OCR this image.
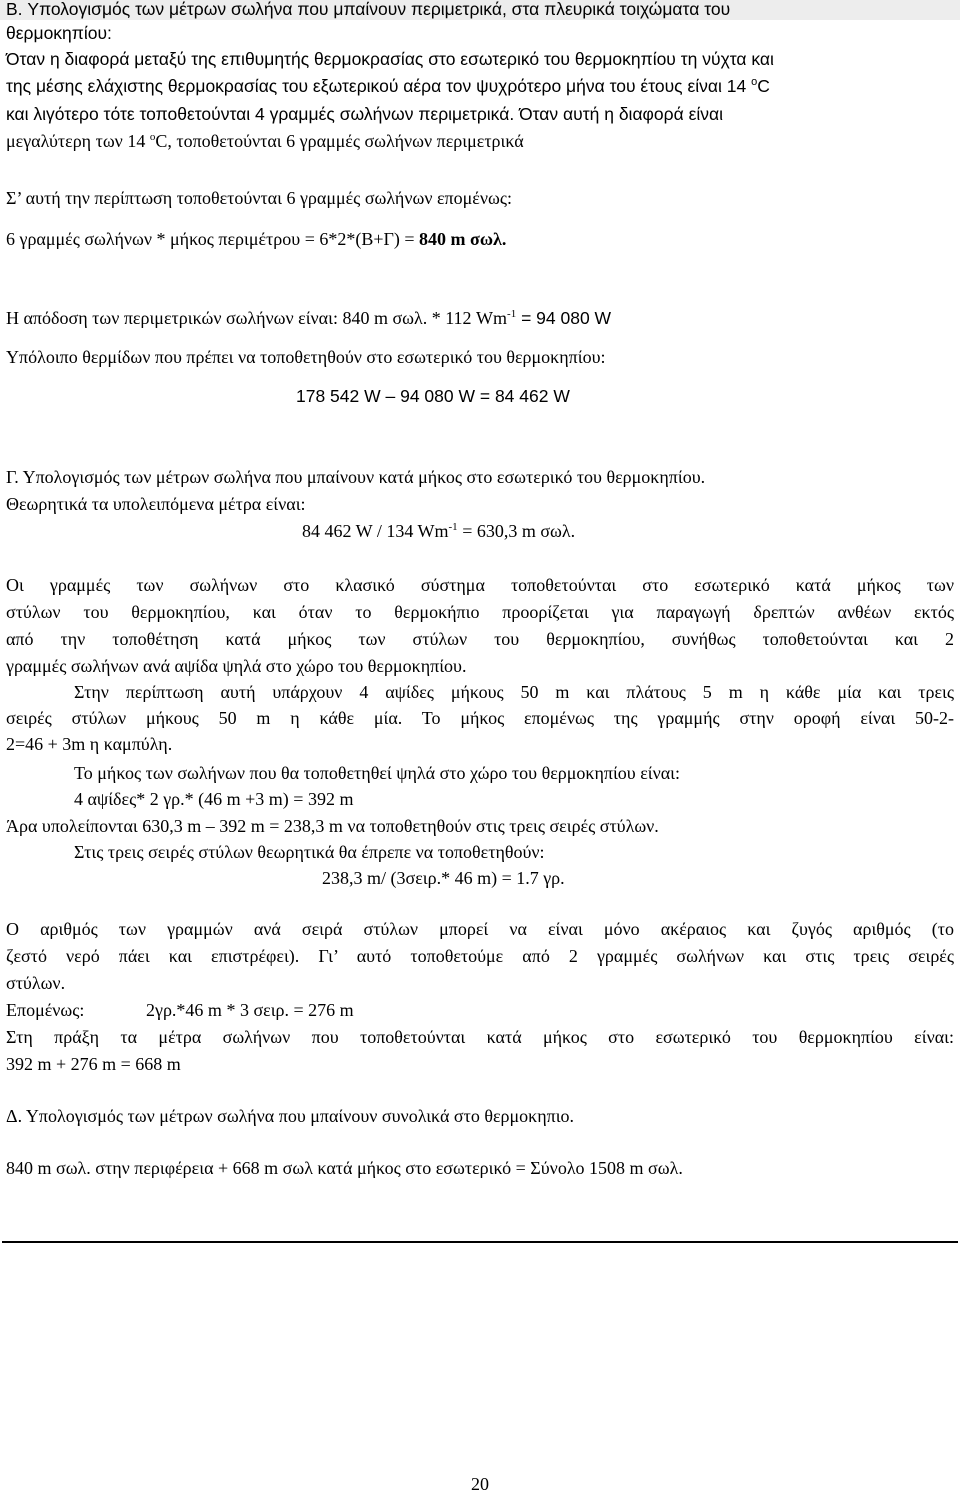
B. Υπολογισμός των μέτρων σωλήνα που μπαίνουν περιμετρικά, στα πλευρικά τοιχώματα του
θερμοκηπίου:
Όταν η διαφορά μεταξύ της επιθυμητής θερμοκρασίας στο εσωτερικό του θερμοκηπίου τη νύχτα και
της μέσης ελάχιστης θερμοκρασίας του εξωτερικού αέρα τον ψυχρότερο μήνα του έτους είναι 14 $^o$C
και λιγότερο τότε τοποθετούνται 4 γραμμές σωλήνων περιμετρικά. Όταν αυτή η διαφορά είναι
μεγαλύτερη των 14 $^o$C, τοποθετούνται 6 γραμμές σωλήνων περιμετρικά
Σ’ αυτή την περίπτωση τοποθετούνται 6 γραμμές σωλήνων επομένως:
6 γραμμές σωλήνων * μήκος περιμέτρου = 6*2*(Β+Γ) = 840 m σωλ.
Η απόδοση των περιμετρικών σωλήνων είναι: 840 m σωλ. * 112 $Wm^{-1} = 94$ 080 W
Υπόλοιπο θερμίδων που πρέπει να τοποθετηθούν στο εσωτερικό του θερμοκηπίου:
178 542 W – 94 080 W = 84 462 W
Γ. Υπολογισμός των μέτρων σωλήνα που μπαίνουν κατά μήκος στο εσωτερικό του θερμοκηπίου.
Θεωρητικά τα υπολειπόμενα μέτρα είναι:
84 462 W / 134 $Wm^{-1} = 630,3$ m σωλ.
Οι γραμμές των σωλήνων στο κλασικό σύστημα τοποθετούνται στο εσωτερικό κατά μήκος των
στύλων του θερμοκηπίου, και όταν το θερμοκήπιο προορίζεται για παραγωγή δρεπτών ανθέων εκτός
από την τοποθέτηση κατά μήκος των στύλων του θερμοκηπίου, συνήθως τοποθετούνται και 2
γραμμές σωλήνων ανά αψίδα ψηλά στο χώρο του θερμοκηπίου.
Στην περίπτωση αυτή υπάρχουν 4 αψίδες μήκους 50 m και πλάτους 5 m η κάθε μία και τρεις
σειρές στύλων μήκους 50 m η κάθε μία. Το μήκος επομένως της γραμμής στην οροφή είναι 50-2-
2=46 + 3m η καμπύλη.
Το μήκος των σωλήνων που θα τοποθετηθεί ψηλά στο χώρο του θερμοκηπίου είναι:
4 αψίδες* 2 γρ.* (46 m +3 m) = 392 m
Άρα υπολείπονται 630,3 m – 392 m = 238,3 m να τοποθετηθούν στις τρεις σειρές στύλων.
Στις τρεις σειρές στύλων θεωρητικά θα έπρεπε να τοποθετηθούν:
238,3 m/ (3σειρ.* 46 m) = 1.7 γρ.
Ο αριθμός των γραμμών ανά σειρά στύλων μπορεί να είναι μόνο ακέραιος και ζυγός αριθμός (το
ζεστό νερό πάει και επιστρέφει). Γι’ αυτό τοποθετούμε από 2 γραμμές σωλήνων και στις τρεις σειρές
στύλων.
Επομένως:	2γρ.*46 m * 3 σειρ. = 276 m
Στη πράξη τα μέτρα σωλήνων που τοποθετούνται κατά μήκος στο εσωτερικό του θερμοκηπίου είναι:
392 m + 276 m = 668 m
Δ. Υπολογισμός των μέτρων σωλήνα που μπαίνουν συνολικά στο θερμοκηπιο.
840 m σωλ. στην περιφέρεια + 668 m σωλ κατά μήκος στο εσωτερικό = Σύνολο 1508 m σωλ.
20
